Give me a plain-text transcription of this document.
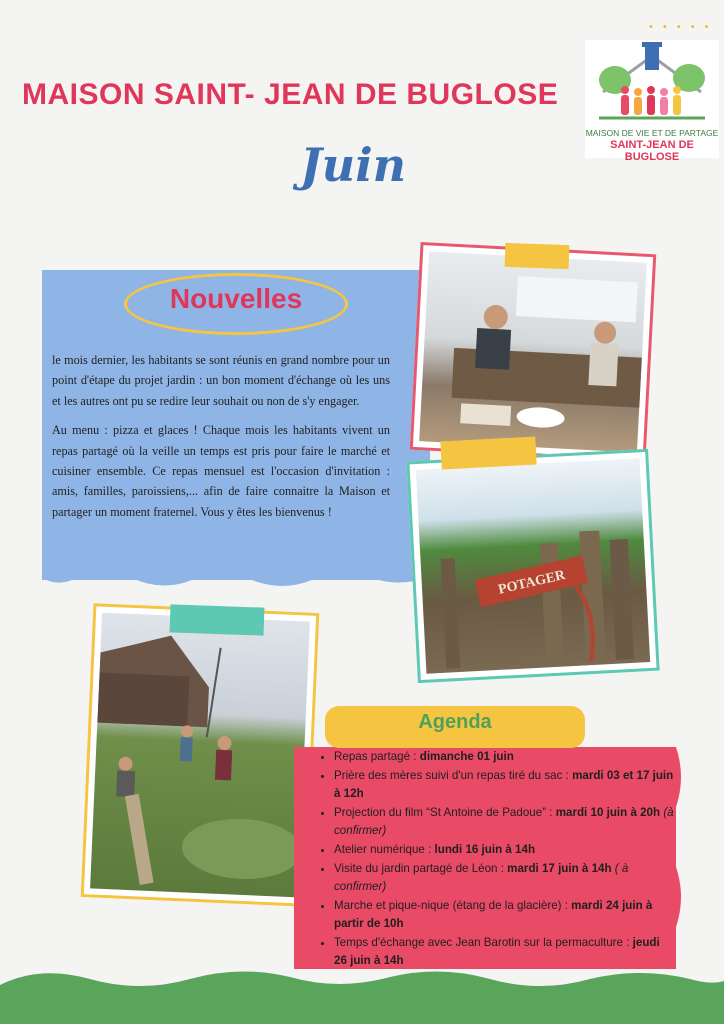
•••••
MAISON SAINT- JEAN DE BUGLOSE
Juin
MAISON DE VIE ET DE PARTAGE
SAINT-JEAN DE BUGLOSE
Nouvelles

le mois dernier, les habitants se sont réunis en grand nombre pour un point d'étape du projet jardin : un bon moment d'échange où les uns et les autres ont pu se redire leur souhait ou non de s'y engager.

Au menu : pizza et glaces ! Chaque mois les habitants vivent un repas partagé où la veille un temps est pris pour faire le marché et cuisiner ensemble. Ce repas mensuel est l'occasion d'invitation : amis, familles, paroissiens,... afin de faire connaitre la Maison et partager un moment fraternel. Vous y êtes les bienvenus !

POTAGER
Agenda
• Repas partagé : dimanche 01 juin
• Prière des mères suivi d'un repas tiré du sac : mardi 03 et 17 juin à 12h
• Projection du film “St Antoine de Padoue” : mardi 10 juin à 20h (à confirmer)
• Atelier numérique : lundi 16 juin à 14h
• Visite du jardin partagé de Léon : mardi 17 juin à 14h ( à confirmer)
• Marche et pique-nique (étang de la glacière) : mardi 24 juin à partir de 10h
• Temps d'échange avec Jean Barotin sur la permaculture : jeudi 26 juin à 14h
